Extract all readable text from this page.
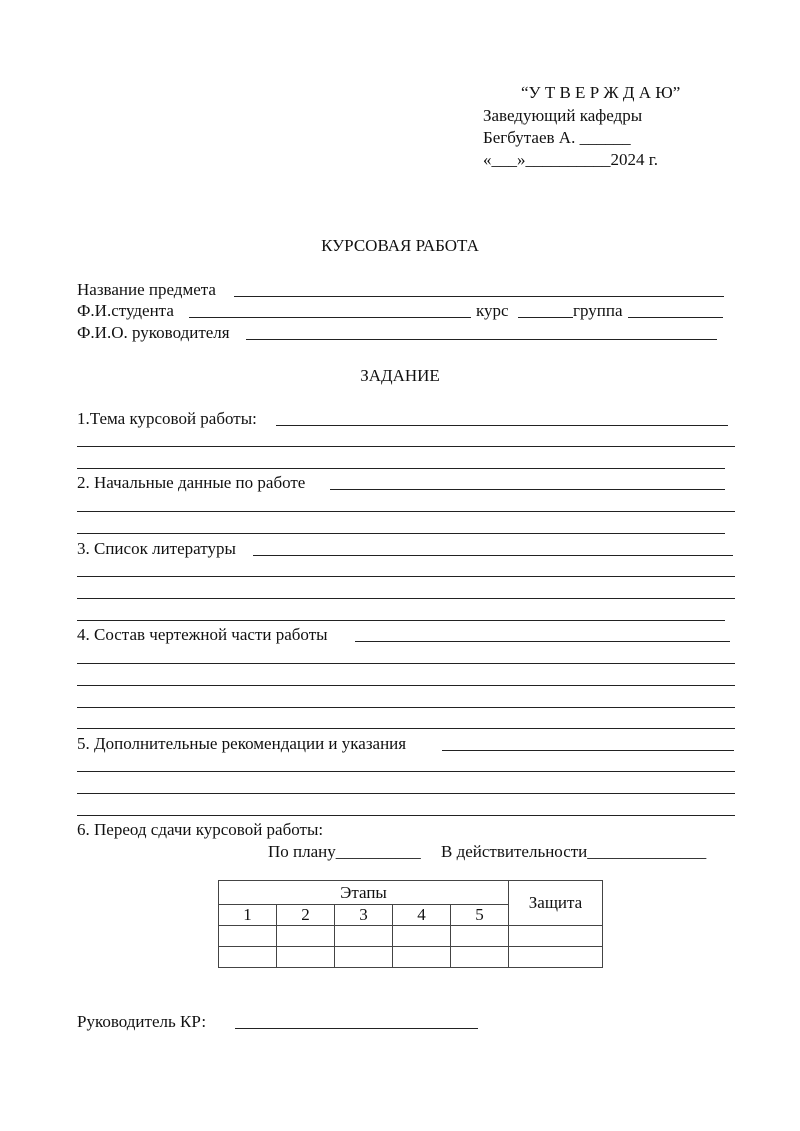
“У Т В Е Р Ж Д А Ю”
Заведующий кафедры
Бегбутаев А. ______
«___»__________2024 г.
КУРСОВАЯ РАБОТА
Название предмета
Ф.И.студента	курс	группа
Ф.И.О. руководителя
ЗАДАНИЕ
1.Тема курсовой работы:
2. Начальные данные по работе
3. Список литературы
4. Состав чертежной части работы
5. Дополнительные рекомендации и указания
6. Перeод сдачи курсовой работы:
По плану__________ В действительности______________
Этапы					Защита
1	2	3	4	5	

Руководитель КР:
